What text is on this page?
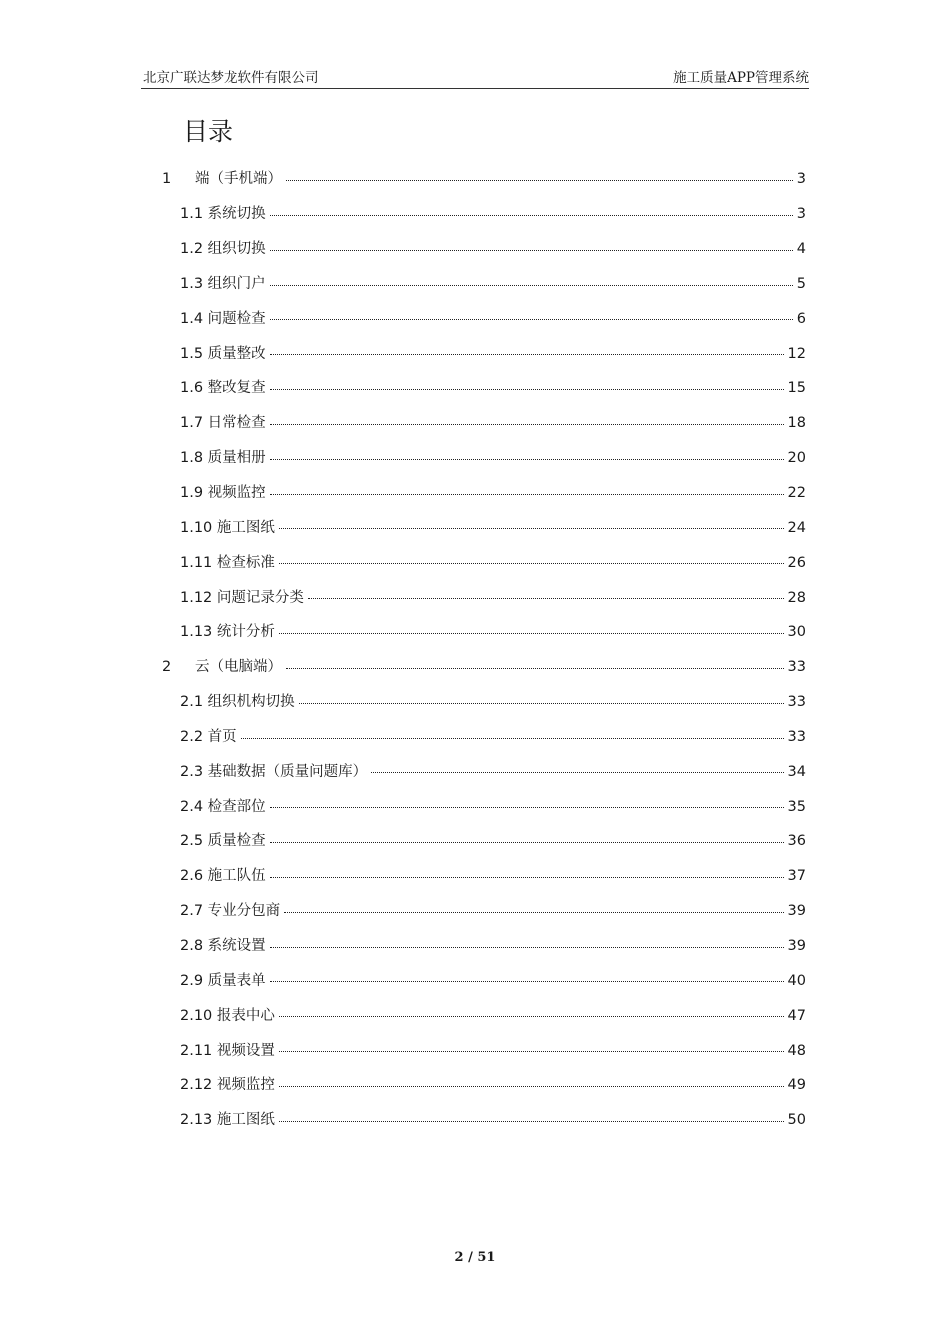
北京广联达梦龙软件有限公司	施工质量APP管理系统
目录
1 端（手机端）	3
1.1 系统切换	3
1.2 组织切换	4
1.3 组织门户	5
1.4 问题检查	6
1.5 质量整改	12
1.6 整改复查	15
1.7 日常检查	18
1.8 质量相册	20
1.9 视频监控	22
1.10 施工图纸	24
1.11 检查标准	26
1.12 问题记录分类	28
1.13 统计分析	30
2 云（电脑端）	33
2.1 组织机构切换	33
2.2 首页	33
2.3 基础数据（质量问题库）	34
2.4 检查部位	35
2.5 质量检查	36
2.6 施工队伍	37
2.7 专业分包商	39
2.8 系统设置	39
2.9 质量表单	40
2.10 报表中心	47
2.11 视频设置	48
2.12 视频监控	49
2.13 施工图纸	50
2 / 51
